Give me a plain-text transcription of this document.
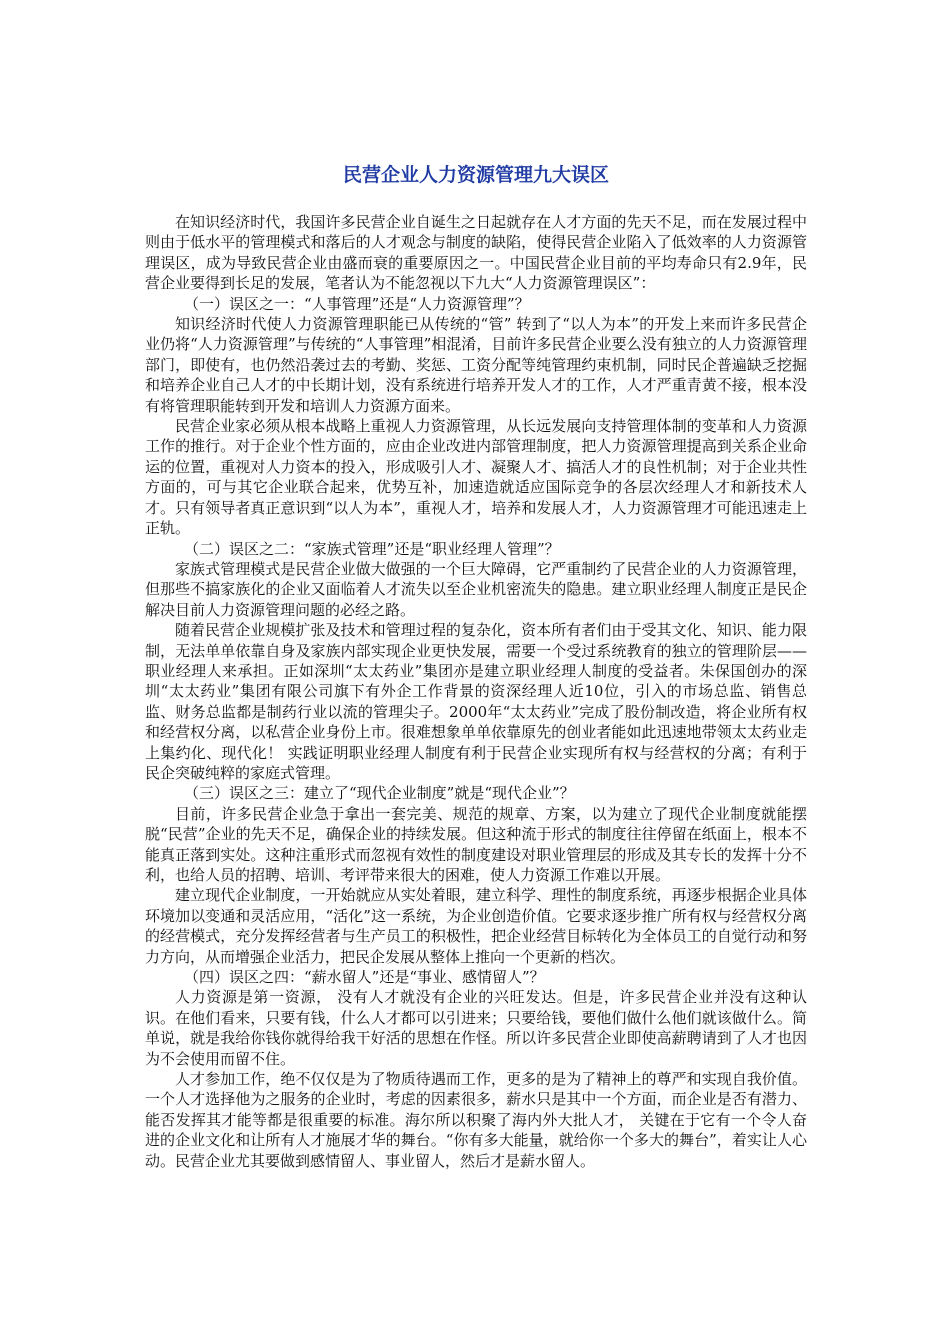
民营企业人力资源管理九大误区

在知识经济时代，我国许多民营企业自诞生之日起就存在人才方面的先天不足，而在发展过程中则由于低水平的管理模式和落后的人才观念与制度的缺陷，使得民营企业陷入了低效率的人力资源管理误区，成为导致民营企业由盛而衰的重要原因之一。中国民营企业目前的平均寿命只有2.9年，民营企业要得到长足的发展，笔者认为不能忽视以下九大“人力资源管理误区”：

（一）误区之一：“人事管理”还是“人力资源管理”？

知识经济时代使人力资源管理职能已从传统的“管” 转到了“以人为本”的开发上来而许多民营企业仍将“人力资源管理”与传统的“人事管理”相混淆，目前许多民营企业要么没有独立的人力资源管理部门，即使有，也仍然沿袭过去的考勤、奖惩、工资分配等纯管理约束机制，同时民企普遍缺乏挖掘和培养企业自己人才的中长期计划，没有系统进行培养开发人才的工作，人才严重青黄不接，根本没有将管理职能转到开发和培训人力资源方面来。

民营企业家必须从根本战略上重视人力资源管理，从长远发展向支持管理体制的变革和人力资源工作的推行。对于企业个性方面的，应由企业改进内部管理制度，把人力资源管理提高到关系企业命运的位置，重视对人力资本的投入，形成吸引人才、凝聚人才、搞活人才的良性机制；对于企业共性方面的，可与其它企业联合起来，优势互补，加速造就适应国际竞争的各层次经理人才和新技术人才。只有领导者真正意识到“以人为本”，重视人才，培养和发展人才，人力资源管理才可能迅速走上正轨。

（二）误区之二：“家族式管理”还是“职业经理人管理”？

家族式管理模式是民营企业做大做强的一个巨大障碍，它严重制约了民营企业的人力资源管理，但那些不搞家族化的企业又面临着人才流失以至企业机密流失的隐患。建立职业经理人制度正是民企解决目前人力资源管理问题的必经之路。

随着民营企业规模扩张及技术和管理过程的复杂化，资本所有者们由于受其文化、知识、能力限制，无法单单依靠自身及家族内部实现企业更快发展，需要一个受过系统教育的独立的管理阶层——职业经理人来承担。正如深圳“太太药业”集团亦是建立职业经理人制度的受益者。朱保国创办的深圳“太太药业”集团有限公司旗下有外企工作背景的资深经理人近10位，引入的市场总监、销售总监、财务总监都是制药行业以流的管理尖子。2000年“太太药业”完成了股份制改造，将企业所有权和经营权分离，以私营企业身份上市。很难想象单单依靠原先的创业者能如此迅速地带领太太药业走上集约化、现代化！ 实践证明职业经理人制度有利于民营企业实现所有权与经营权的分离；有利于民企突破纯粹的家庭式管理。

（三）误区之三：建立了“现代企业制度”就是“现代企业”？

目前，许多民营企业急于拿出一套完美、规范的规章、方案，以为建立了现代企业制度就能摆脱“民营”企业的先天不足，确保企业的持续发展。但这种流于形式的制度往往停留在纸面上，根本不能真正落到实处。这种注重形式而忽视有效性的制度建设对职业管理层的形成及其专长的发挥十分不利，也给人员的招聘、培训、考评带来很大的困难，使人力资源工作难以开展。

建立现代企业制度，一开始就应从实处着眼，建立科学、理性的制度系统，再逐步根据企业具体环境加以变通和灵活应用，“活化”这一系统，为企业创造价值。它要求逐步推广所有权与经营权分离的经营模式，充分发挥经营者与生产员工的积极性，把企业经营目标转化为全体员工的自觉行动和努力方向，从而增强企业活力，把民企发展从整体上推向一个更新的档次。

（四）误区之四：“薪水留人”还是“事业、感情留人”？

人力资源是第一资源， 没有人才就没有企业的兴旺发达。但是，许多民营企业并没有这种认识。在他们看来，只要有钱，什么人才都可以引进来；只要给钱，要他们做什么他们就该做什么。简单说，就是我给你钱你就得给我干好活的思想在作怪。所以许多民营企业即使高薪聘请到了人才也因为不会使用而留不住。

人才参加工作，绝不仅仅是为了物质待遇而工作，更多的是为了精神上的尊严和实现自我价值。一个人才选择他为之服务的企业时，考虑的因素很多，薪水只是其中一个方面，而企业是否有潜力、能否发挥其才能等都是很重要的标准。海尔所以积聚了海内外大批人才， 关键在于它有一个令人奋进的企业文化和让所有人才施展才华的舞台。“你有多大能量，就给你一个多大的舞台”，着实让人心动。民营企业尤其要做到感情留人、事业留人，然后才是薪水留人。
